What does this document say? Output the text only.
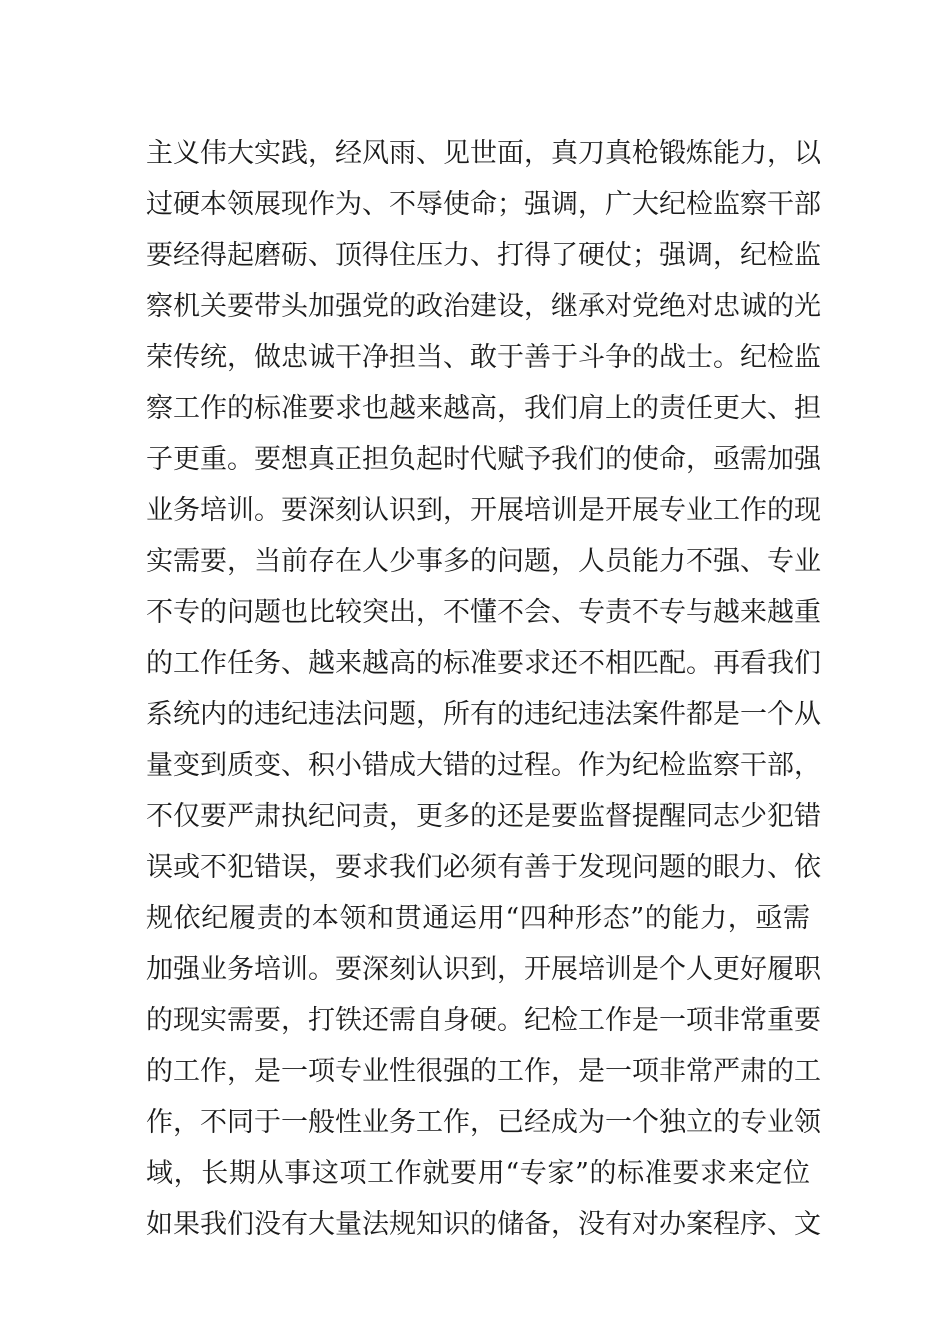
主义伟大实践，经风雨、见世面，真刀真枪锻炼能力，以
过硬本领展现作为、不辱使命；强调，广大纪检监察干部
要经得起磨砺、顶得住压力、打得了硬仗；强调，纪检监
察机关要带头加强党的政治建设，继承对党绝对忠诚的光
荣传统，做忠诚干净担当、敢于善于斗争的战士。纪检监
察工作的标准要求也越来越高，我们肩上的责任更大、担
子更重。要想真正担负起时代赋予我们的使命，亟需加强
业务培训。要深刻认识到，开展培训是开展专业工作的现
实需要，当前存在人少事多的问题，人员能力不强、专业
不专的问题也比较突出，不懂不会、专责不专与越来越重
的工作任务、越来越高的标准要求还不相匹配。再看我们
系统内的违纪违法问题，所有的违纪违法案件都是一个从
量变到质变、积小错成大错的过程。作为纪检监察干部，
不仅要严肃执纪问责，更多的还是要监督提醒同志少犯错
误或不犯错误，要求我们必须有善于发现问题的眼力、依
规依纪履责的本领和贯通运用“四种形态”的能力，亟需
加强业务培训。要深刻认识到，开展培训是个人更好履职
的现实需要，打铁还需自身硬。纪检工作是一项非常重要
的工作，是一项专业性很强的工作，是一项非常严肃的工
作，不同于一般性业务工作，已经成为一个独立的专业领
域，长期从事这项工作就要用“专家”的标准要求来定位
如果我们没有大量法规知识的储备，没有对办案程序、文
